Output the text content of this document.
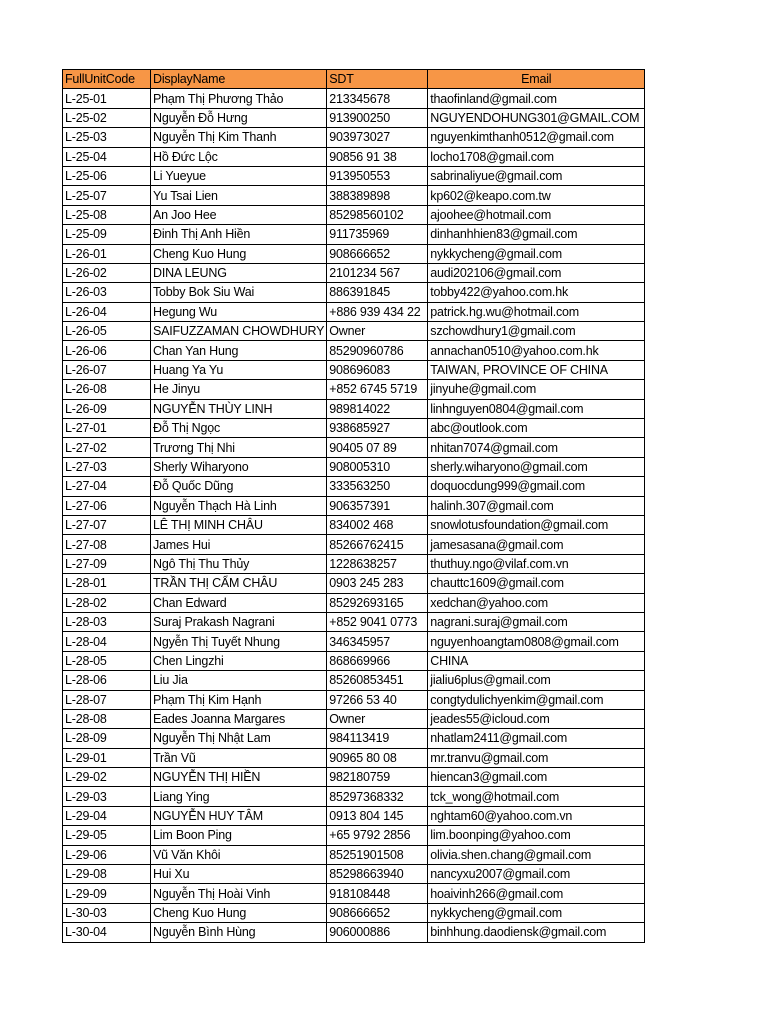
FullUnitCode	DisplayName	SDT	Email
L-25-01	Phạm Thị Phương Thảo	213345678	thaofinland@gmail.com
L-25-02	Nguyễn Đỗ Hưng	913900250	NGUYENDOHUNG301@GMAIL.COM
L-25-03	Nguyễn Thị Kim Thanh	903973027	nguyenkimthanh0512@gmail.com
L-25-04	Hồ Đức Lộc	90856 91 38	locho1708@gmail.com
L-25-06	Li Yueyue	913950553	sabrinaliyue@gmail.com
L-25-07	Yu Tsai Lien	388389898	kp602@keapo.com.tw
L-25-08	An Joo Hee	85298560102	ajoohee@hotmail.com
L-25-09	Đinh Thị Anh Hiền	911735969	dinhanhhien83@gmail.com
L-26-01	Cheng Kuo Hung	908666652	nykkycheng@gmail.com
L-26-02	DINA LEUNG	2101234 567	audi202106@gmail.com
L-26-03	Tobby Bok Siu Wai	886391845	tobby422@yahoo.com.hk
L-26-04	Hegung Wu	+886 939 434 22	patrick.hg.wu@hotmail.com
L-26-05	SAIFUZZAMAN CHOWDHURY	Owner	szchowdhury1@gmail.com
L-26-06	Chan Yan Hung	85290960786	annachan0510@yahoo.com.hk
L-26-07	Huang Ya Yu	908696083	TAIWAN, PROVINCE OF CHINA
L-26-08	He Jinyu	+852 6745 5719	jinyuhe@gmail.com
L-26-09	NGUYỄN THÙY LINH	989814022	linhnguyen0804@gmail.com
L-27-01	Đỗ Thị Ngọc	938685927	abc@outlook.com
L-27-02	Trương Thị Nhi	90405 07 89	nhitan7074@gmail.com
L-27-03	Sherly Wiharyono	908005310	sherly.wiharyono@gmail.com
L-27-04	Đỗ Quốc Dũng	333563250	doquocdung999@gmail.com
L-27-06	Nguyễn Thạch Hà Linh	906357391	halinh.307@gmail.com
L-27-07	LÊ THỊ MINH CHÂU	834002 468	snowlotusfoundation@gmail.com
L-27-08	James Hui	85266762415	jamesasana@gmail.com
L-27-09	Ngô Thị Thu Thủy	1228638257	thuthuy.ngo@vilaf.com.vn
L-28-01	TRẦN THỊ CẨM CHÂU	0903 245 283	chauttc1609@gmail.com
L-28-02	Chan Edward	85292693165	xedchan@yahoo.com
L-28-03	Suraj Prakash Nagrani	+852 9041 0773	nagrani.suraj@gmail.com
L-28-04	Ngyễn Thị Tuyết Nhung	346345957	nguyenhoangtam0808@gmail.com
L-28-05	Chen Lingzhi	868669966	CHINA
L-28-06	Liu Jia	85260853451	jialiu6plus@gmail.com
L-28-07	Phạm Thị Kim Hạnh	97266 53 40	congtydulichyenkim@gmail.com
L-28-08	Eades Joanna Margares	Owner	jeades55@icloud.com
L-28-09	Nguyễn Thị Nhật Lam	984113419	nhatlam2411@gmail.com
L-29-01	Trần Vũ	90965 80 08	mr.tranvu@gmail.com
L-29-02	NGUYỄN THỊ HIỀN	982180759	hiencan3@gmail.com
L-29-03	Liang Ying	85297368332	tck_wong@hotmail.com
L-29-04	NGUYỄN HUY TÂM	0913 804 145	nghtam60@yahoo.com.vn
L-29-05	Lim Boon Ping	+65 9792 2856	lim.boonping@yahoo.com
L-29-06	Vũ Văn Khôi	85251901508	olivia.shen.chang@gmail.com
L-29-08	Hui Xu	85298663940	nancyxu2007@gmail.com
L-29-09	Nguyễn Thị Hoài Vinh	918108448	hoaivinh266@gmail.com
L-30-03	Cheng Kuo Hung	908666652	nykkycheng@gmail.com
L-30-04	Nguyễn Bình Hùng	906000886	binhhung.daodiensk@gmail.com
